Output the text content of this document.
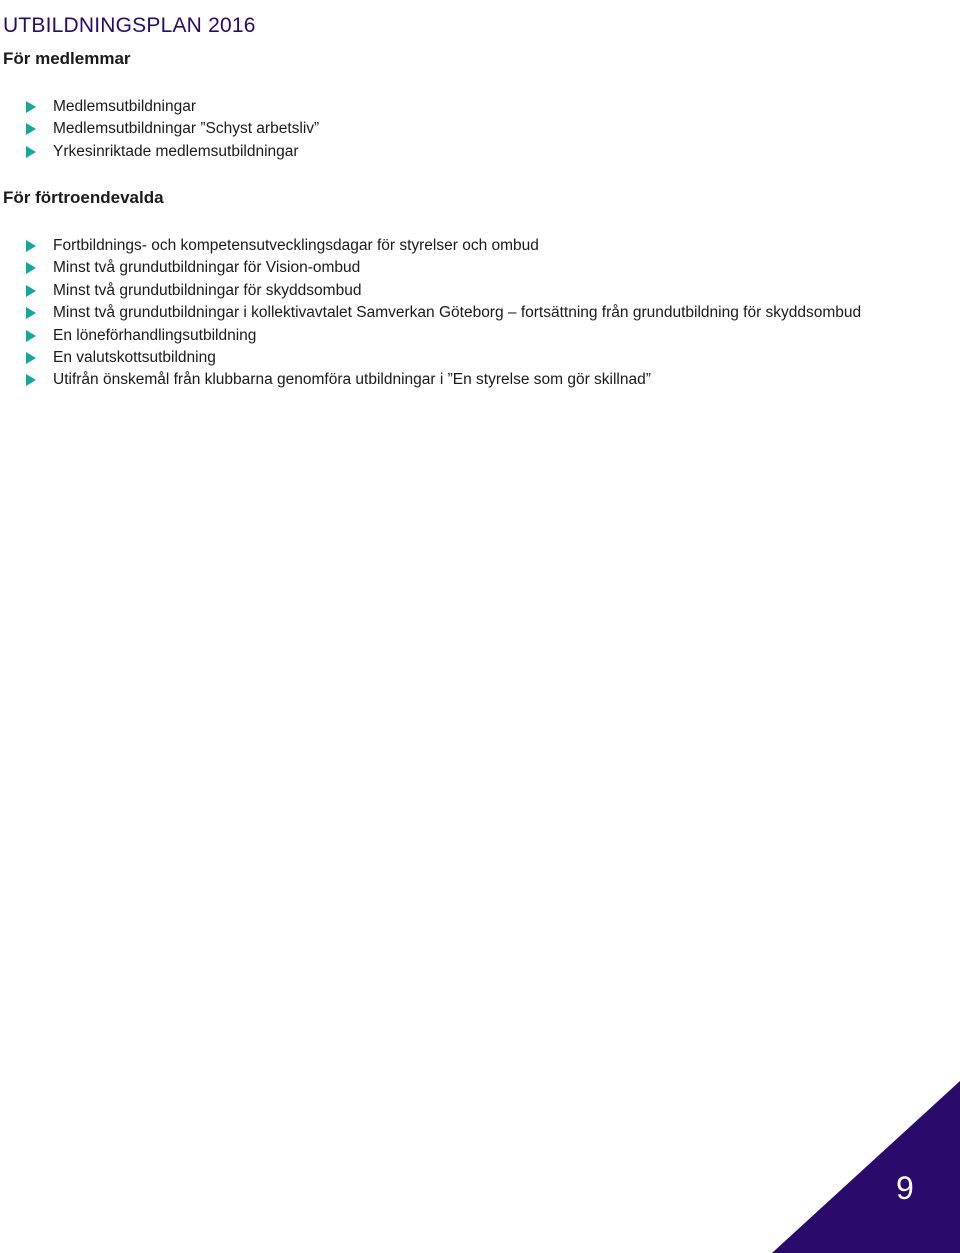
UTBILDNINGSPLAN 2016
För medlemmar
Medlemsutbildningar
Medlemsutbildningar ”Schyst arbetsliv”
Yrkesinriktade medlemsutbildningar
För förtroendevalda
Fortbildnings- och kompetensutvecklingsdagar för styrelser och ombud
Minst två grundutbildningar för Vision-ombud
Minst två grundutbildningar för skyddsombud
Minst två grundutbildningar i kollektivavtalet Samverkan Göteborg – fortsättning från grundutbildning för skyddsombud
En löneförhandlingsutbildning
En valutskottsutbildning
Utifrån önskemål från klubbarna genomföra utbildningar i ”En styrelse som gör skillnad”
9
